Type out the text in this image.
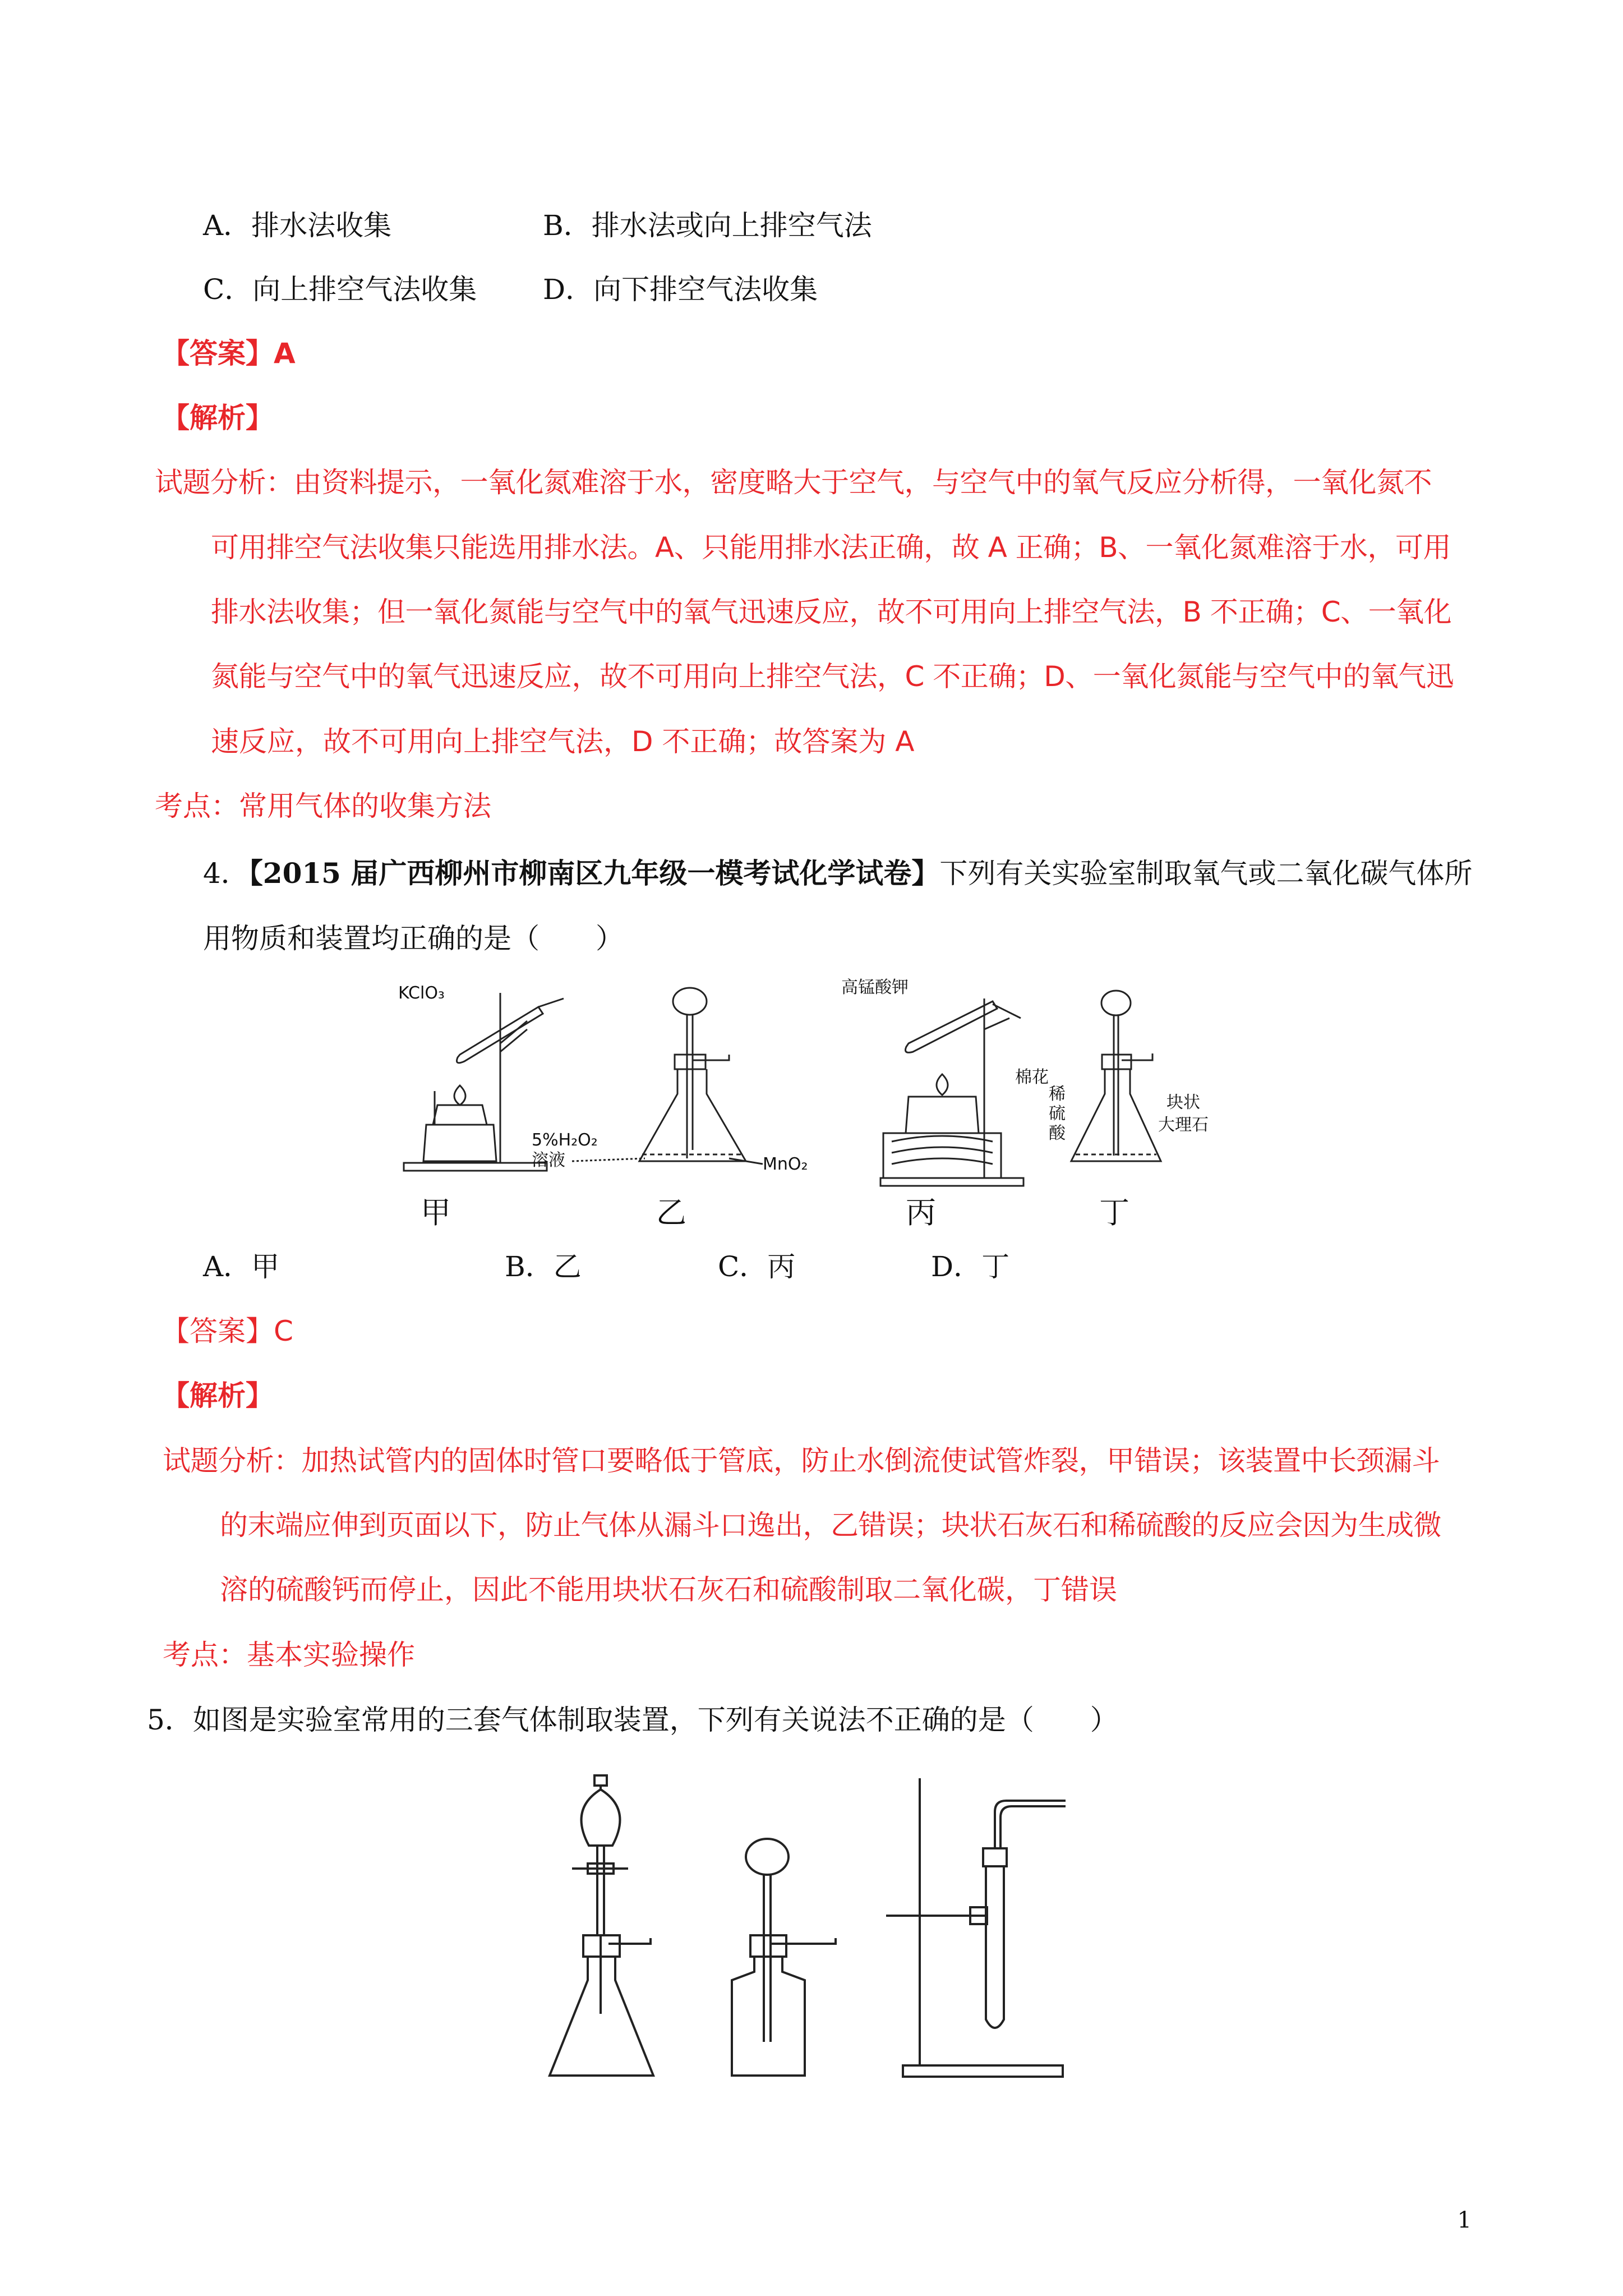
A．排水法收集	B．排水法或向上排空气法
C．向上排空气法收集 D．向下排空气法收集
【答案】A
【解析】
试题分析：由资料提示，一氧化氮难溶于水，密度略大于空气，与空气中的氧气反应分析得，一氧化氮不
可用排空气法收集只能选用排水法。A、只能用排水法正确，故 A 正确；B、一氧化氮难溶于水，可用
排水法收集；但一氧化氮能与空气中的氧气迅速反应，故不可用向上排空气法，B 不正确；C、一氧化
氮能与空气中的氧气迅速反应，故不可用向上排空气法，C 不正确；D、一氧化氮能与空气中的氧气迅
速反应，故不可用向上排空气法，D 不正确；故答案为 A
考点：常用气体的收集方法
4．【2015 届广西柳州市柳南区九年级一模考试化学试卷】下列有关实验室制取氧气或二氧化碳气体所
用物质和装置均正确的是（　　）
KClO₃
5%H₂O₂
溶液	MnO₂
高锰酸钾
棉花
稀
硫
酸
块状
大理石
甲	乙	丙	丁
A．甲	B．乙	C．丙	D．丁
【答案】C
【解析】
试题分析：加热试管内的固体时管口要略低于管底，防止水倒流使试管炸裂，甲错误；该装置中长颈漏斗
的末端应伸到页面以下，防止气体从漏斗口逸出，乙错误；块状石灰石和稀硫酸的反应会因为生成微
溶的硫酸钙而停止，因此不能用块状石灰石和硫酸制取二氧化碳，丁错误
考点：基本实验操作
5．如图是实验室常用的三套气体制取装置，下列有关说法不正确的是（　　）
1
